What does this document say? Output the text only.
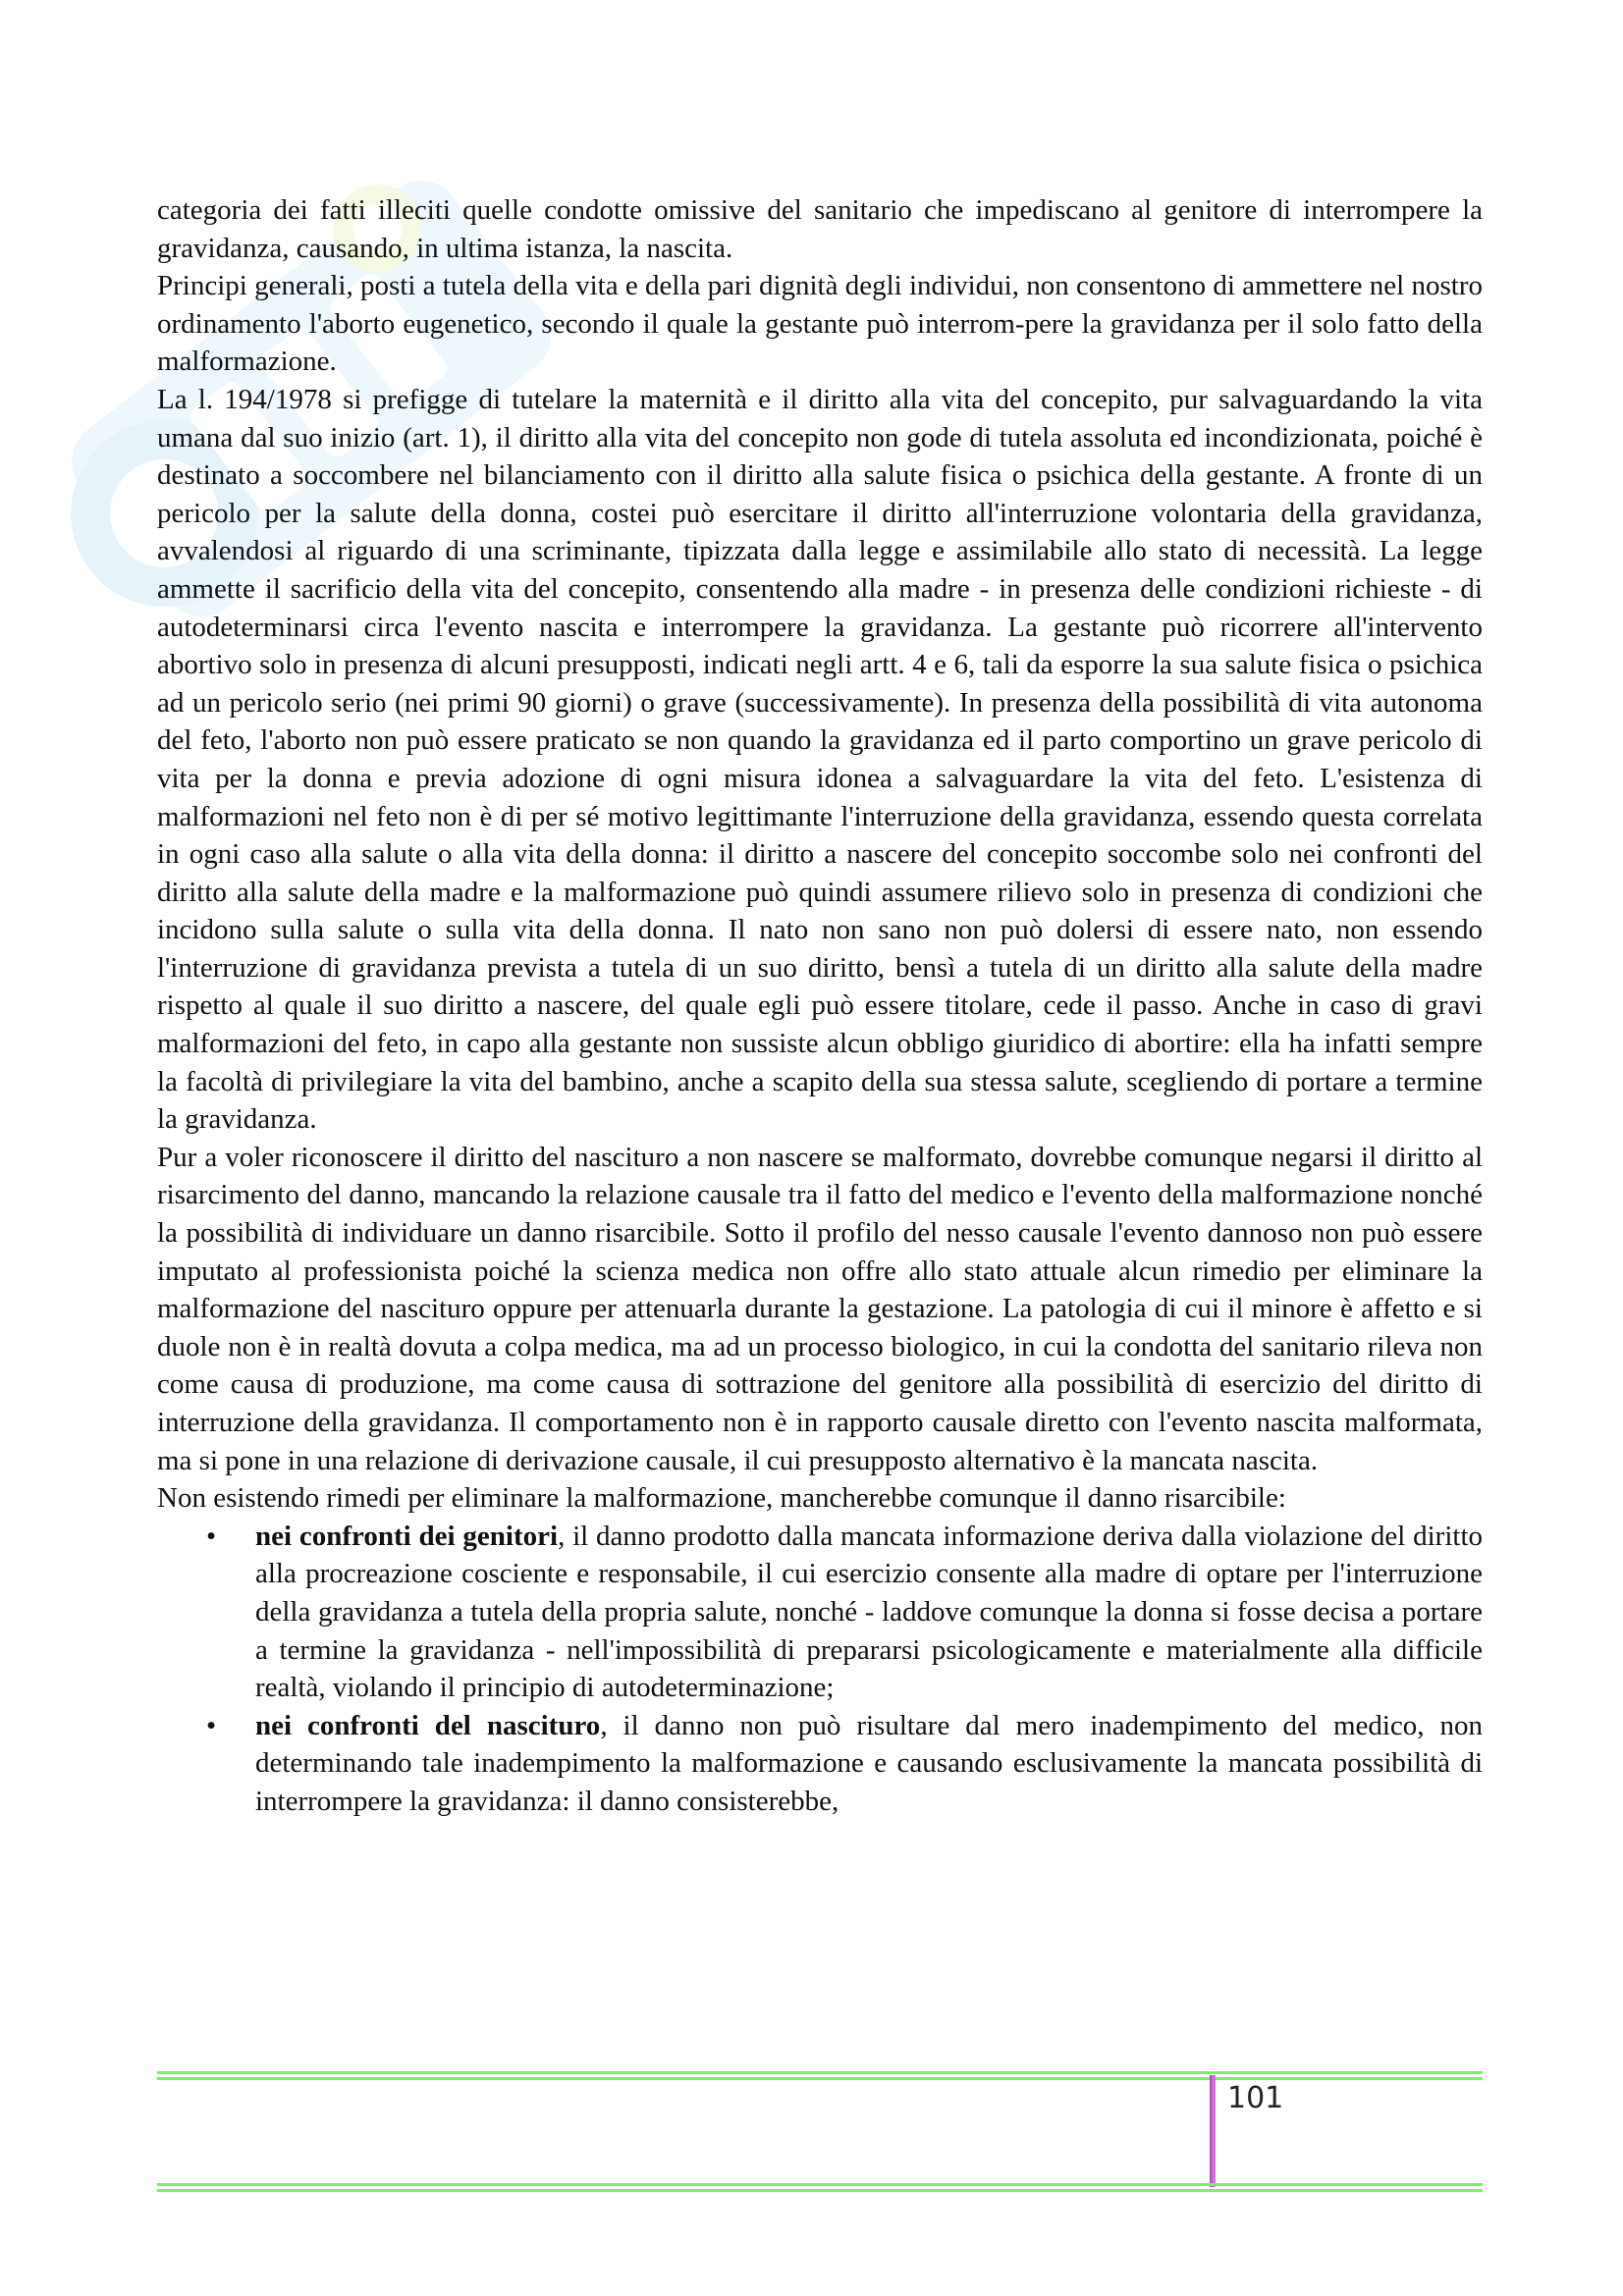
categoria dei fatti illeciti quelle condotte omissive del sanitario che impediscano al genitore di interrompere la gravidanza, causando, in ultima istanza, la nascita.

Principi generali, posti a tutela della vita e della pari dignità degli individui, non consentono di ammettere nel nostro ordinamento l'aborto eugenetico, secondo il quale la gestante può interrom-pere la gravidanza per il solo fatto della malformazione.

La l. 194/1978 si prefigge di tutelare la maternità e il diritto alla vita del concepito, pur salvaguardando la vita umana dal suo inizio (art. 1), il diritto alla vita del concepito non gode di tutela assoluta ed incondizionata, poiché è destinato a soccombere nel bilanciamento con il diritto alla salute fisica o psichica della gestante. A fronte di un pericolo per la salute della donna, costei può esercitare il diritto all'interruzione volontaria della gravidanza, avvalendosi al riguardo di una scriminante, tipizzata dalla legge e assimilabile allo stato di necessità. La legge ammette il sacrificio della vita del concepito, consentendo alla madre - in presenza delle condizioni richieste - di autodeterminarsi circa l'evento nascita e interrompere la gravidanza. La gestante può ricorrere all'intervento abortivo solo in presenza di alcuni presupposti, indicati negli artt. 4 e 6, tali da esporre la sua salute fisica o psichica ad un pericolo serio (nei primi 90 giorni) o grave (successivamente). In presenza della possibilità di vita autonoma del feto, l'aborto non può essere praticato se non quando la gravidanza ed il parto comportino un grave pericolo di vita per la donna e previa adozione di ogni misura idonea a salvaguardare la vita del feto. L'esistenza di malformazioni nel feto non è di per sé motivo legittimante l'interruzione della gravidanza, essendo questa correlata in ogni caso alla salute o alla vita della donna: il diritto a nascere del concepito soccombe solo nei confronti del diritto alla salute della madre e la malformazione può quindi assumere rilievo solo in presenza di condizioni che incidono sulla salute o sulla vita della donna. Il nato non sano non può dolersi di essere nato, non essendo l'interruzione di gravidanza prevista a tutela di un suo diritto, bensì a tutela di un diritto alla salute della madre rispetto al quale il suo diritto a nascere, del quale egli può essere titolare, cede il passo. Anche in caso di gravi malformazioni del feto, in capo alla gestante non sussiste alcun obbligo giuridico di abortire: ella ha infatti sempre la facoltà di privilegiare la vita del bambino, anche a scapito della sua stessa salute, scegliendo di portare a termine la gravidanza.

Pur a voler riconoscere il diritto del nascituro a non nascere se malformato, dovrebbe comunque negarsi il diritto al risarcimento del danno, mancando la relazione causale tra il fatto del medico e l'evento della malformazione nonché la possibilità di individuare un danno risarcibile. Sotto il profilo del nesso causale l'evento dannoso non può essere imputato al professionista poiché la scienza medica non offre allo stato attuale alcun rimedio per eliminare la malformazione del nascituro oppure per attenuarla durante la gestazione. La patologia di cui il minore è affetto e si duole non è in realtà dovuta a colpa medica, ma ad un processo biologico, in cui la condotta del sanitario rileva non come causa di produzione, ma come causa di sottrazione del genitore alla possibilità di esercizio del diritto di interruzione della gravidanza. Il comportamento non è in rapporto causale diretto con l'evento nascita malformata, ma si pone in una relazione di derivazione causale, il cui presupposto alternativo è la mancata nascita.

Non esistendo rimedi per eliminare la malformazione, mancherebbe comunque il danno risarcibile:

• nei confronti dei genitori, il danno prodotto dalla mancata informazione deriva dalla violazione del diritto alla procreazione cosciente e responsabile, il cui esercizio consente alla madre di optare per l'interruzione della gravidanza a tutela della propria salute, nonché - laddove comunque la donna si fosse decisa a portare a termine la gravidanza - nell'impossibilità di prepararsi psicologicamente e materialmente alla difficile realtà, violando il principio di autodeterminazione;
• nei confronti del nascituro, il danno non può risultare dal mero inadempimento del medico, non determinando tale inadempimento la malformazione e causando esclusivamente la mancata possibilità di interrompere la gravidanza: il danno consisterebbe,
101
